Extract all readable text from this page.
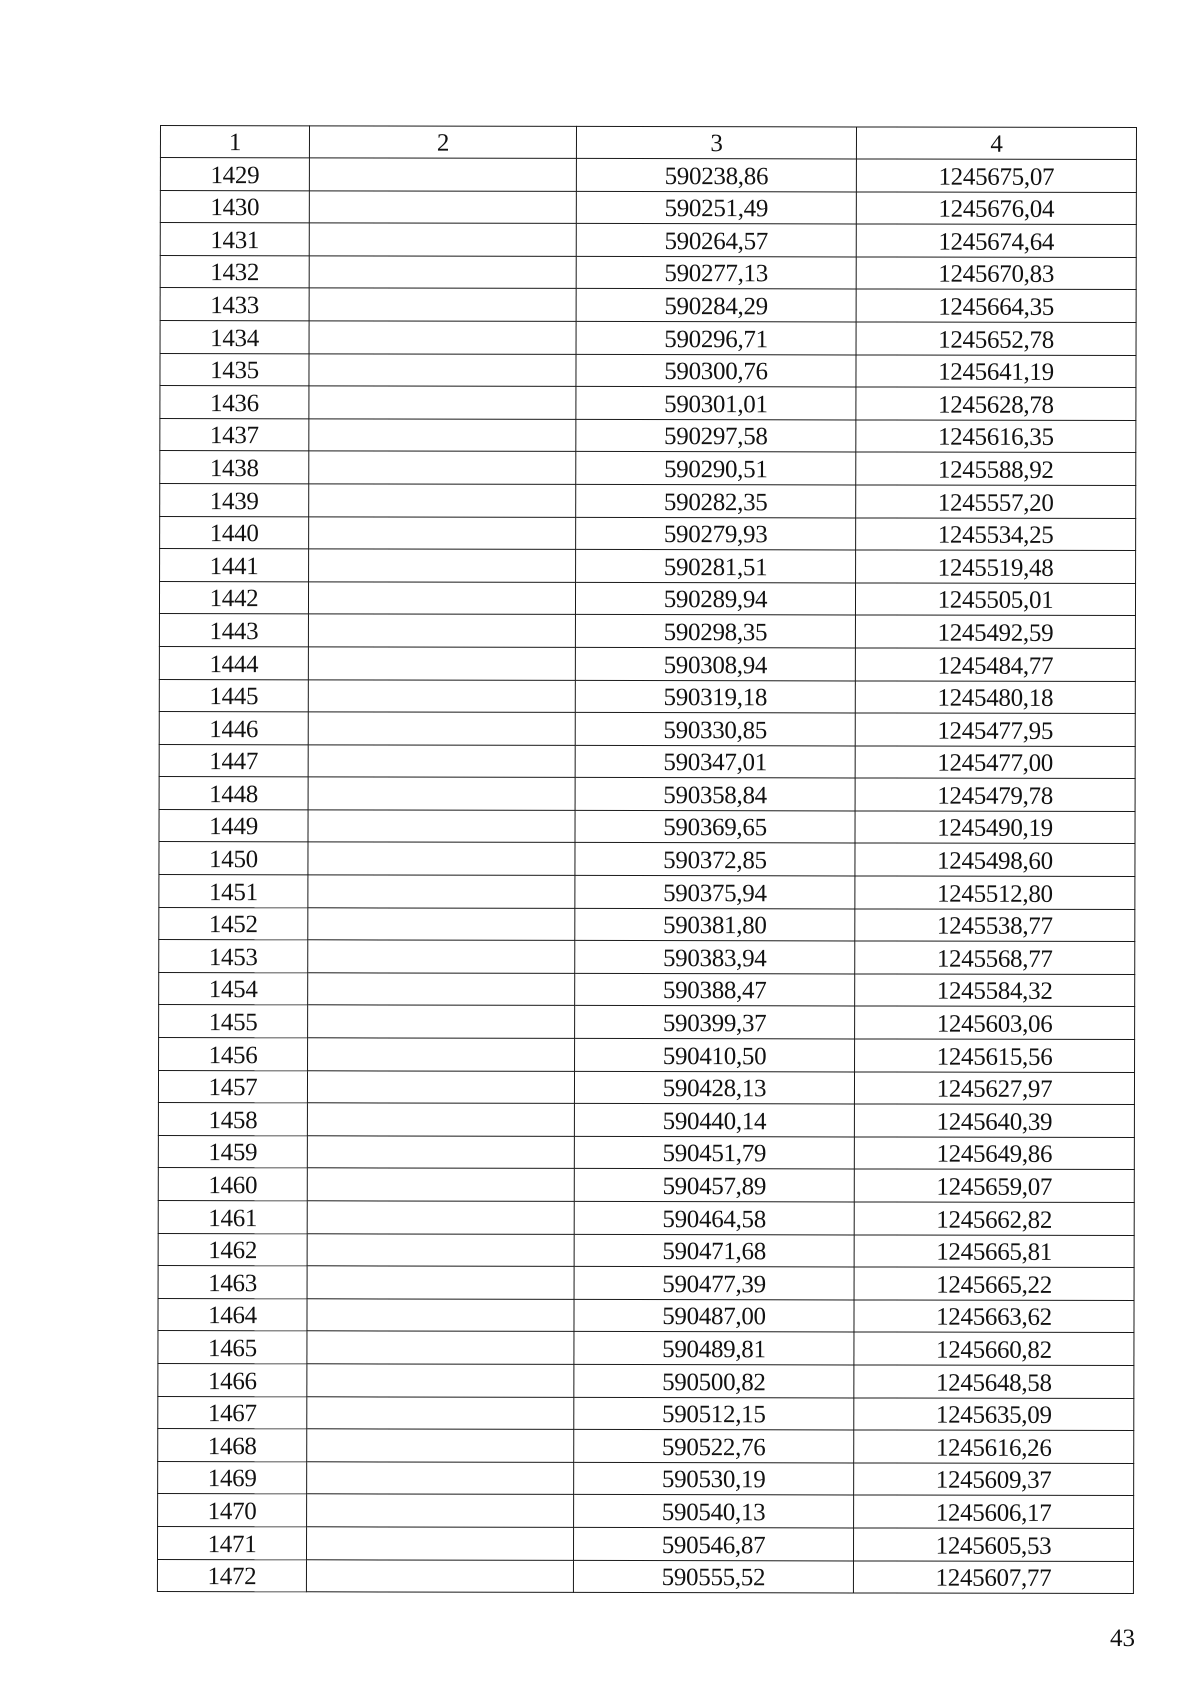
1	2	3	4
1429		590238,86	1245675,07
1430		590251,49	1245676,04
1431		590264,57	1245674,64
1432		590277,13	1245670,83
1433		590284,29	1245664,35
1434		590296,71	1245652,78
1435		590300,76	1245641,19
1436		590301,01	1245628,78
1437		590297,58	1245616,35
1438		590290,51	1245588,92
1439		590282,35	1245557,20
1440		590279,93	1245534,25
1441		590281,51	1245519,48
1442		590289,94	1245505,01
1443		590298,35	1245492,59
1444		590308,94	1245484,77
1445		590319,18	1245480,18
1446		590330,85	1245477,95
1447		590347,01	1245477,00
1448		590358,84	1245479,78
1449		590369,65	1245490,19
1450		590372,85	1245498,60
1451		590375,94	1245512,80
1452		590381,80	1245538,77
1453		590383,94	1245568,77
1454		590388,47	1245584,32
1455		590399,37	1245603,06
1456		590410,50	1245615,56
1457		590428,13	1245627,97
1458		590440,14	1245640,39
1459		590451,79	1245649,86
1460		590457,89	1245659,07
1461		590464,58	1245662,82
1462		590471,68	1245665,81
1463		590477,39	1245665,22
1464		590487,00	1245663,62
1465		590489,81	1245660,82
1466		590500,82	1245648,58
1467		590512,15	1245635,09
1468		590522,76	1245616,26
1469		590530,19	1245609,37
1470		590540,13	1245606,17
1471		590546,87	1245605,53
1472		590555,52	1245607,77
43
